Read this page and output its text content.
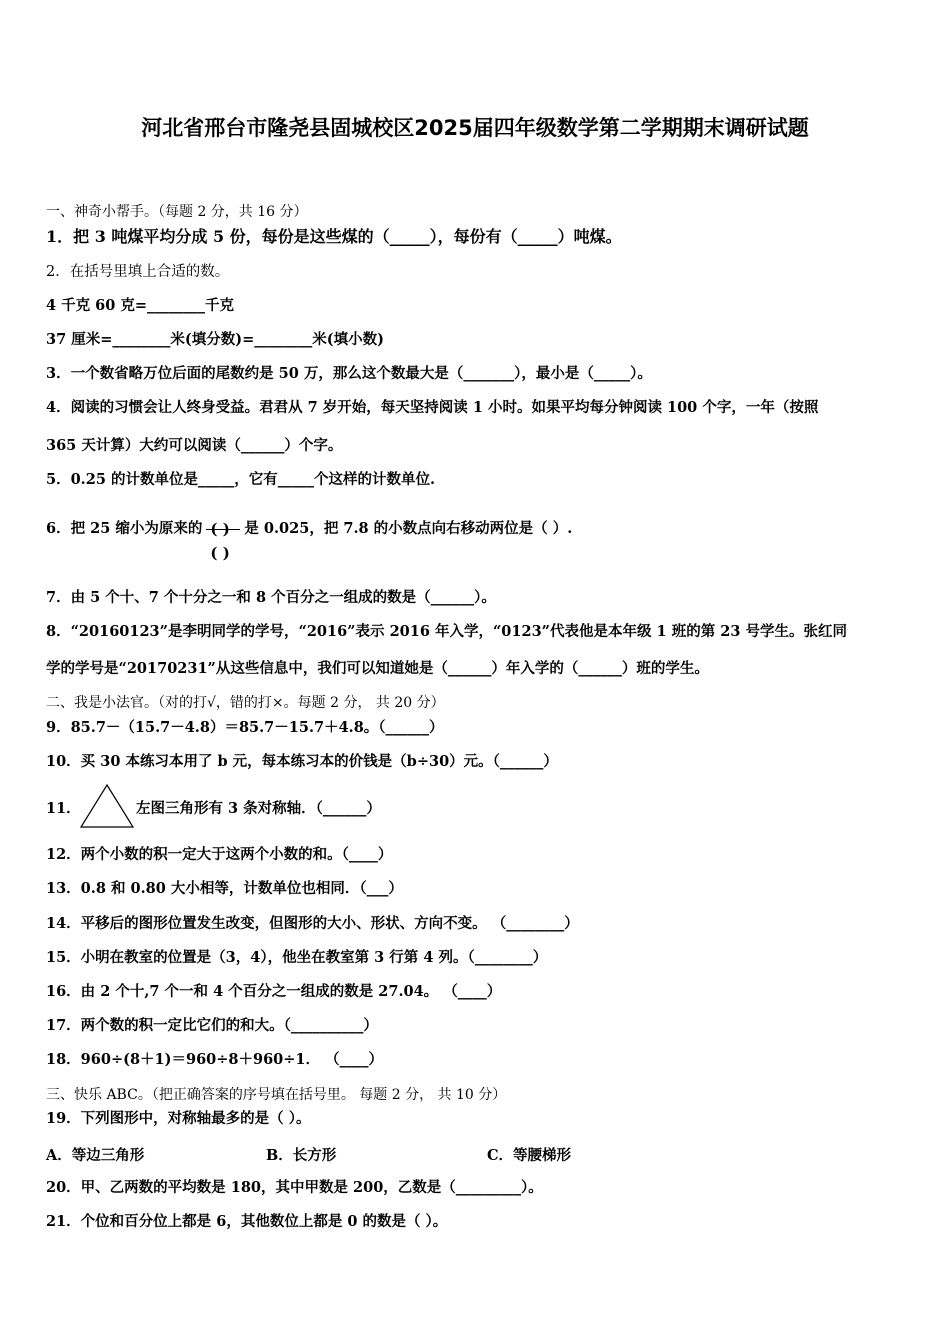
河北省邢台市隆尧县固城校区2025届四年级数学第二学期期末调研试题
一、神奇小帮手。（每题 2 分，共 16 分）
1．把 3 吨煤平均分成 5 份，每份是这些煤的（_____），每份有（_____）吨煤。
2．在括号里填上合适的数。
4 千克 60 克=________千克
37 厘米=________米(填分数)=________米(填小数)
3．一个数省略万位后面的尾数约是 50 万，那么这个数最大是（_______），最小是（_____）。
4．阅读的习惯会让人终身受益。君君从 7 岁开始，每天坚持阅读 1 小时。如果平均每分钟阅读 100 个字，一年（按照
365 天计算）大约可以阅读（______）个字。
5．0.25 的计数单位是_____，它有_____个这样的计数单位.
6．把 25 缩小为原来的 ( )
( )
是 0.025，把 7.8 的小数点向右移动两位是（ ）.
7．由 5 个十、7 个十分之一和 8 个百分之一组成的数是（______）。
8．“20160123”是李明同学的学号，“2016”表示 2016 年入学，“0123”代表他是本年级 1 班的第 23 号学生。张红同
学的学号是“20170231”从这些信息中，我们可以知道她是（______）年入学的（______）班的学生。
二、我是小法官。（对的打√，错的打×。每题 2 分， 共 20 分）
9．85.7－（15.7－4.8）＝85.7－15.7＋4.8。（______）
10．买 30 本练习本用了 b 元，每本练习本的价钱是（b÷30）元。（______）
11．	左图三角形有 3 条对称轴．（______）
12．两个小数的积一定大于这两个小数的和。（____）
13．0.8 和 0.80 大小相等，计数单位也相同．（___）
14．平移后的图形位置发生改变，但图形的大小、形状、方向不变。 （________）
15．小明在教室的位置是（3，4），他坐在教室第 3 行第 4 列。（________）
16．由 2 个十,7 个一和 4 个百分之一组成的数是 27.04。 （____）
17．两个数的积一定比它们的和大。（__________）
18．960÷(8＋1)＝960÷8＋960÷1． （____）
三、快乐 ABC。（把正确答案的序号填在括号里。 每题 2 分， 共 10 分）
19．下列图形中，对称轴最多的是（ ）。
A．等边三角形	B．长方形	C．等腰梯形
20．甲、乙两数的平均数是 180，其中甲数是 200，乙数是（_________）。
21．个位和百分位上都是 6，其他数位上都是 0 的数是（ ）。
